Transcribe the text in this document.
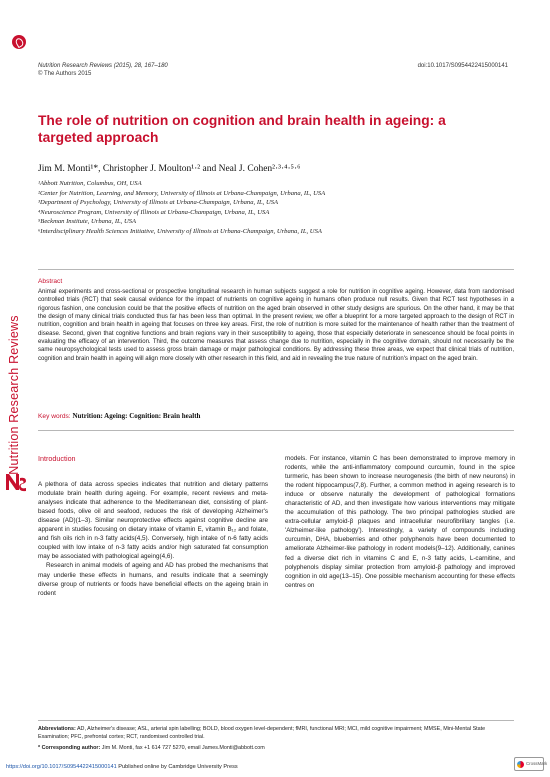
Nutrition Research Reviews
Nutrition Research Reviews (2015), 28, 167–180
© The Authors 2015
doi:10.1017/S0954422415000141
The role of nutrition on cognition and brain health in ageing: a targeted approach
Jim M. Monti¹*, Christopher J. Moulton¹·² and Neal J. Cohen²·³·⁴·⁵·⁶
¹Abbott Nutrition, Columbus, OH, USA
²Center for Nutrition, Learning, and Memory, University of Illinois at Urbana-Champaign, Urbana, IL, USA
³Department of Psychology, University of Illinois at Urbana-Champaign, Urbana, IL, USA
⁴Neuroscience Program, University of Illinois at Urbana-Champaign, Urbana, IL, USA
⁵Beckman Institute, Urbana, IL, USA
⁶Interdisciplinary Health Sciences Initiative, University of Illinois at Urbana-Champaign, Urbana, IL, USA
Abstract
Animal experiments and cross-sectional or prospective longitudinal research in human subjects suggest a role for nutrition in cognitive ageing. However, data from randomised controlled trials (RCT) that seek causal evidence for the impact of nutrients on cognitive ageing in humans often produce null results. Given that RCT test hypotheses in a rigorous fashion, one conclusion could be that the positive effects of nutrition on the aged brain observed in other study designs are spurious. On the other hand, it may be that the design of many clinical trials conducted thus far has been less than optimal. In the present review, we offer a blueprint for a more targeted approach to the design of RCT in nutrition, cognition and brain health in ageing that focuses on three key areas. First, the role of nutrition is more suited for the maintenance of health rather than the treatment of disease. Second, given that cognitive functions and brain regions vary in their susceptibility to ageing, those that especially deteriorate in senescence should be focal points in evaluating the efficacy of an intervention. Third, the outcome measures that assess change due to nutrition, especially in the cognitive domain, should not necessarily be the same neuropsychological tests used to assess gross brain damage or major pathological conditions. By addressing these three areas, we expect that clinical trials of nutrition, cognition and brain health in ageing will align more closely with other research in this field, and aid in revealing the true nature of nutrition's impact on the aged brain.
Key words: Nutrition: Ageing: Cognition: Brain health
Introduction

A plethora of data across species indicates that nutrition and dietary patterns modulate brain health during ageing. For example, recent reviews and meta-analyses indicate that adherence to the Mediterranean diet, consisting of plant-based foods, olive oil and seafood, reduces the risk of developing Alzheimer's disease (AD)(1–3). Similar neuroprotective effects against cognitive decline are apparent in studies focusing on dietary intake of vitamin E, vitamin B₁₂ and folate, and fish oils rich in n-3 fatty acids(4,5). Conversely, high intake of n-6 fatty acids coupled with low intake of n-3 fatty acids and/or high saturated fat consumption may be associated with pathological ageing(4,6).

Research in animal models of ageing and AD has probed the mechanisms that may underlie these effects in humans, and results indicate that a seemingly diverse group of nutrients or foods have beneficial effects on the ageing brain in rodent

models. For instance, vitamin C has been demonstrated to improve memory in rodents, while the anti-inflammatory compound curcumin, found in the spice turmeric, has been shown to increase neurogenesis (the birth of new neurons) in the rodent hippocampus(7,8). Further, a common method in ageing research is to induce or observe naturally the development of pathological formations characteristic of AD, and then investigate how various interventions may mitigate the accumulation of this pathology. The two principal pathologies studied are extra-cellular amyloid-β plaques and intracellular neurofibrillary tangles (i.e. 'Alzheimer-like pathology'). Interestingly, a variety of compounds including curcumin, DHA, blueberries and other polyphenols have been documented to ameliorate Alzheimer-like pathology in rodent models(9–12). Additionally, canines fed a diverse diet rich in vitamins C and E, n-3 fatty acids, L-carnitine, and polyphenols display similar protection from amyloid-β pathology and improved cognition in old age(13–15). One possible mechanism accounting for these effects centres on

Abbreviations: AD, Alzheimer's disease; ASL, arterial spin labelling; BOLD, blood oxygen level-dependent; fMRI, functional MRI; MCI, mild cognitive impairment; MMSE, Mini-Mental State Examination; PFC, prefrontal cortex; RCT, randomised controlled trial.
* Corresponding author: Jim M. Monti, fax +1 614 727 5270, email James.Monti@abbott.com
https://doi.org/10.1017/S0954422415000141 Published online by Cambridge University Press
CrossMark
